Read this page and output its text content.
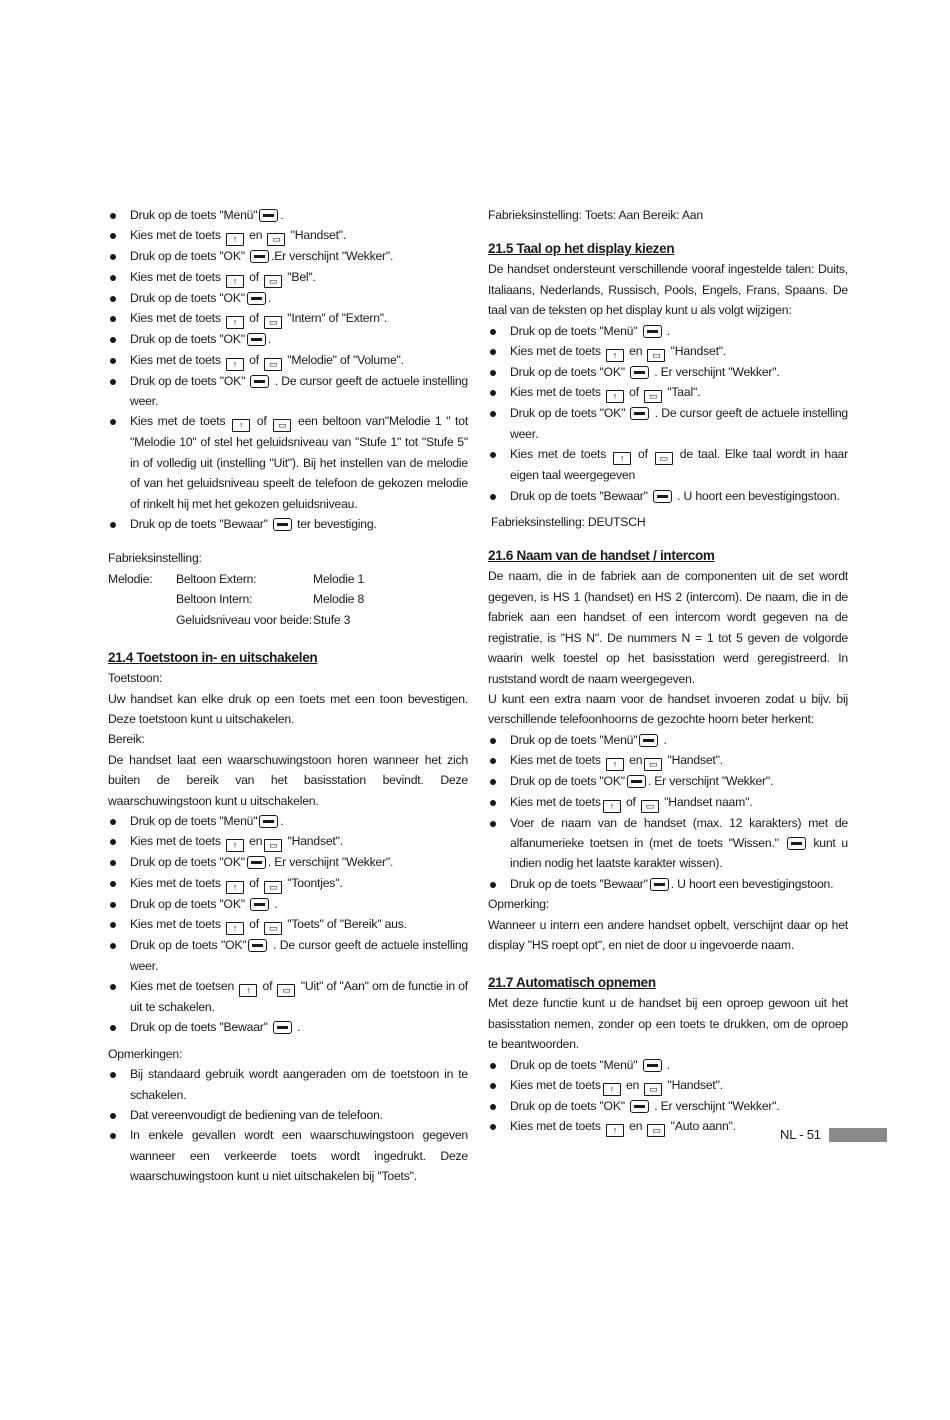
Druk op de toets "Menü" .
Kies met de toets ↑ en ▭ "Handset".
Druk op de toets "OK" .Er verschijnt "Wekker".
Kies met de toets ↑ of ▭ "Bel".
Druk op de toets "OK" .
Kies met de toets ↑ of ▭ "Intern" of "Extern".
Druk op de toets "OK" .
Kies met de toets ↑ of ▭ "Melodie" of "Volume".
Druk op de toets "OK"  . De cursor geeft de actuele instelling weer.
Kies met de toets ↑ of ▭ een beltoon van"Melodie 1 " tot "Melodie 10" of stel het geluidsniveau van "Stufe 1" tot "Stufe 5" in of volledig uit (instelling "Uit"). Bij het instellen van de melodie of van het geluidsniveau speelt de telefoon de gekozen melodie of rinkelt hij met het gekozen geluidsniveau.
Druk op de toets "Bewaar"  ter bevestiging.

Fabrieksinstelling:

Melodie:	Beltoon Extern:	Melodie 1
	Beltoon Intern:	Melodie 8
	Geluidsniveau voor beide:	Stufe 3
21.4 Toetstoon in- en uitschakelen

Toetstoon:

Uw handset kan elke druk op een toets met een toon bevestigen. Deze toetstoon kunt u uitschakelen.

Bereik:

De handset laat een waarschuwingstoon horen wanneer het zich buiten de bereik van het basisstation bevindt. Deze waarschuwingstoon kunt u uitschakelen.

Druk op de toets "Menü" .
Kies met de toets ↑ en ▭ "Handset".
Druk op de toets "OK" . Er verschijnt "Wekker".
Kies met de toets ↑ of ▭ "Toontjes".
Druk op de toets "OK"  .
Kies met de toets ↑ of ▭ "Toets" of "Bereik" aus.
Druk op de toets "OK" . De cursor geeft de actuele instelling weer.
Kies met de toetsen ↑ of ▭ "Uit" of "Aan" om de functie in of uit te schakelen.
Druk op de toets "Bewaar"  .

Opmerkingen:

Bij standaard gebruik wordt aangeraden om de toetstoon in te schakelen.
Dat vereenvoudigt de bediening van de telefoon.
In enkele gevallen wordt een waarschuwingstoon gegeven wanneer een verkeerde toets wordt ingedrukt. Deze waarschuwingstoon kunt u niet uitschakelen bij "Toets".

Fabrieksinstelling: Toets: Aan Bereik: Aan

21.5 Taal op het display kiezen

De handset ondersteunt verschillende vooraf ingestelde talen: Duits, Italiaans, Nederlands, Russisch, Pools, Engels, Frans, Spaans. De taal van de teksten op het display kunt u als volgt wijzigen:

Druk op de toets "Menü"  .
Kies met de toets ↑ en ▭ "Handset".
Druk op de toets "OK"  . Er verschijnt "Wekker".
Kies met de toets ↑ of ▭ "Taal".
Druk op de toets "OK"  . De cursor geeft de actuele instelling weer.
Kies met de toets ↑ of ▭ de taal. Elke taal wordt in haar eigen taal weergegeven
Druk op de toets "Bewaar"  . U hoort een bevestigingstoon.

Fabrieksinstelling: DEUTSCH

21.6 Naam van de handset / intercom

De naam, die in de fabriek aan de componenten uit de set wordt gegeven, is HS 1 (handset) en HS 2 (intercom). De naam, die in de fabriek aan een handset of een intercom wordt gegeven na de registratie, is "HS N". De nummers N = 1 tot 5 geven de volgorde waarin welk toestel op het basisstation werd geregistreerd. In ruststand wordt de naam weergegeven.

U kunt een extra naam voor de handset invoeren zodat u bijv. bij verschillende telefoonhoorns de gezochte hoorn beter herkent:

Druk op de toets "Menü" .
Kies met de toets ↑ en ▭ "Handset".
Druk op de toets "OK" . Er verschijnt "Wekker".
Kies met de toets ↑ of ▭ "Handset naam".
Voer de naam van de handset (max. 12 karakters) met de alfanumerieke toetsen in (met de toets "Wissen."  kunt u indien nodig het laatste karakter wissen).
Druk op de toets "Bewaar" . U hoort een bevestigingstoon.

Opmerking:

Wanneer u intern een andere handset opbelt, verschijnt daar op het display "HS roept opt", en niet de door u ingevoerde naam.

21.7 Automatisch opnemen

Met deze functie kunt u de handset bij een oproep gewoon uit het basisstation nemen, zonder op een toets te drukken, om de oproep te beantwoorden.

Druk op de toets "Menü"  .
Kies met de toets ↑ en ▭ "Handset".
Druk op de toets "OK"  . Er verschijnt "Wekker".
Kies met de toets ↑ en ▭ "Auto aann".
NL - 51
